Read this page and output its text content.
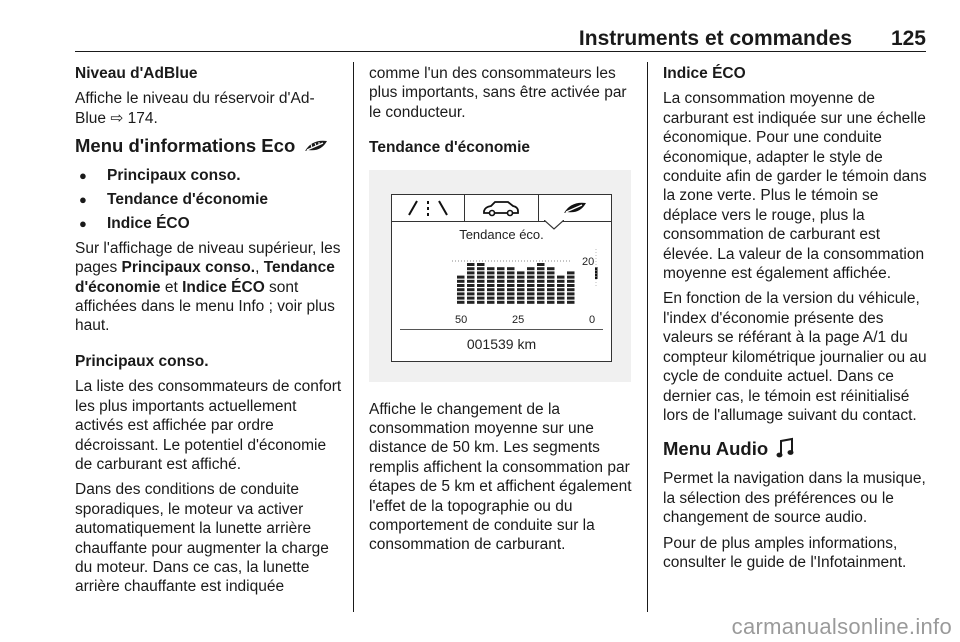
Instruments et commandes 125

Niveau d'AdBlue

Affiche le niveau du réservoir d'Ad-Blue ⇨ 174.

Menu d'informations Eco
● Principaux conso.
● Tendance d'économie
● Indice ÉCO

Sur l'affichage de niveau supérieur, les pages Principaux conso., Tendance d'économie et Indice ÉCO sont affichées dans le menu Info ; voir plus haut.

Principaux conso.

La liste des consommateurs de confort les plus importants actuellement activés est affichée par ordre décroissant. Le potentiel d'économie de carburant est affiché.

Dans des conditions de conduite sporadiques, le moteur va activer automatiquement la lunette arrière chauffante pour augmenter la charge du moteur. Dans ce cas, la lunette arrière chauffante est indiquée

comme l'un des consommateurs les plus importants, sans être activée par le conducteur.

Tendance d'économie

Tendance éco.
20
50	25	0
001539 km

Affiche le changement de la consommation moyenne sur une distance de 50 km. Les segments remplis affichent la consommation par étapes de 5 km et affichent également l'effet de la topographie ou du comportement de conduite sur la consommation de carburant.

Indice ÉCO

La consommation moyenne de carburant est indiquée sur une échelle économique. Pour une conduite économique, adapter le style de conduite afin de garder le témoin dans la zone verte. Plus le témoin se déplace vers le rouge, plus la consommation de carburant est élevée. La valeur de la consommation moyenne est également affichée.

En fonction de la version du véhicule, l'index d'économie présente des valeurs se référant à la page A/1 du compteur kilométrique journalier ou au cycle de conduite actuel. Dans ce dernier cas, le témoin est réinitialisé lors de l'allumage suivant du contact.

Menu Audio

Permet la navigation dans la musique, la sélection des préférences ou le changement de source audio.

Pour de plus amples informations, consulter le guide de l'Infotainment.

carmanualsonline.info
